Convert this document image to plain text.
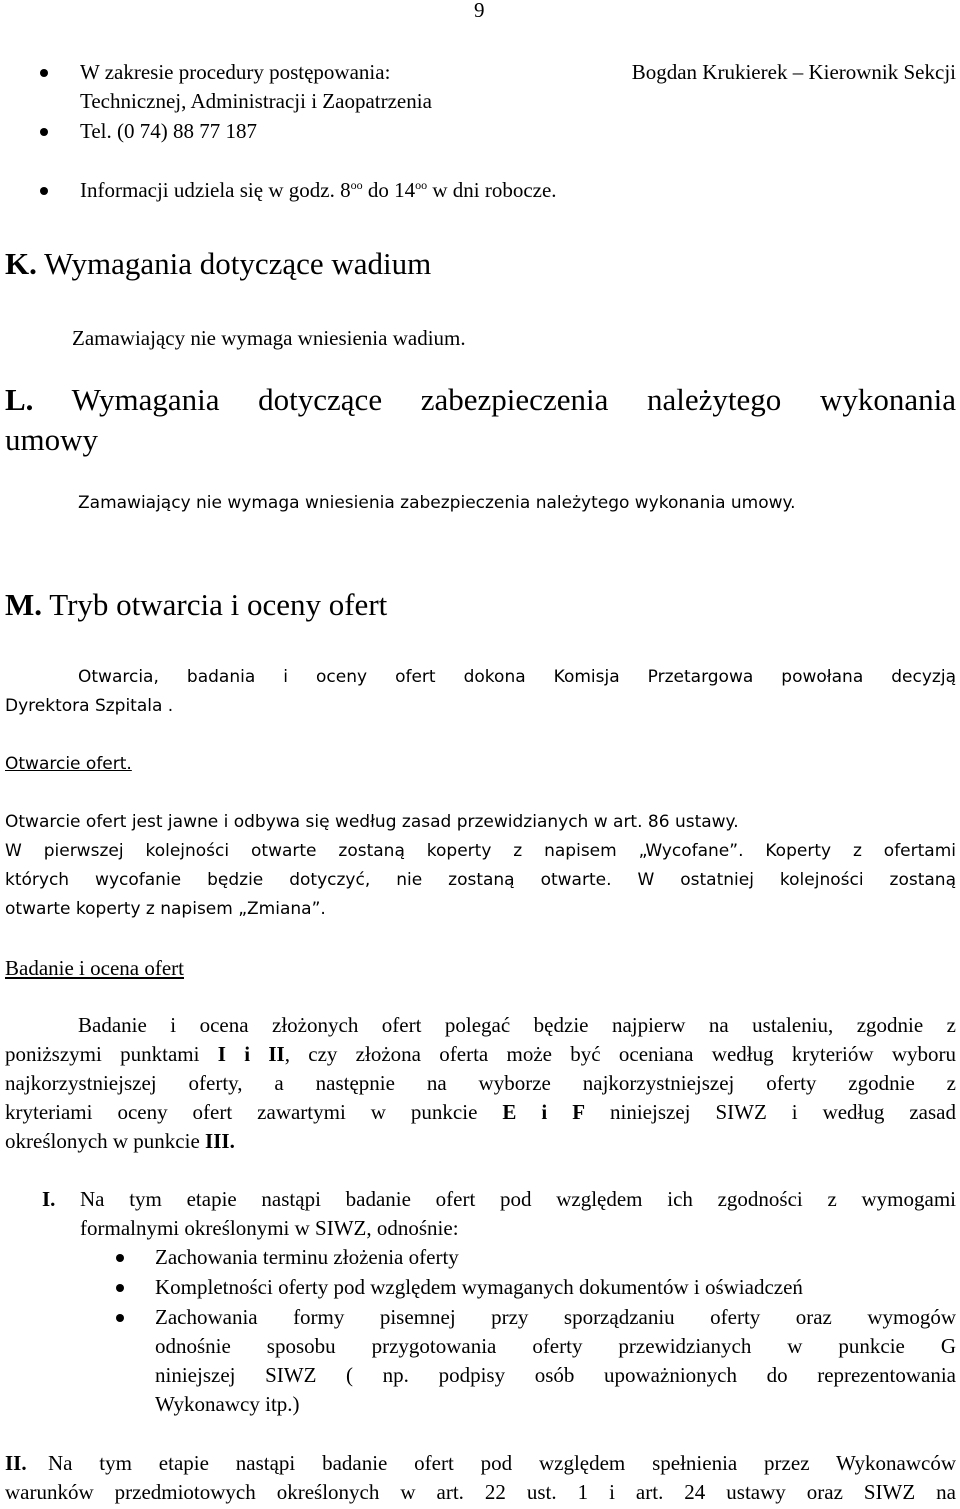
9
W zakresie procedury postępowania:	Bogdan Krukierek – Kierownik Sekcji
Technicznej, Administracji i Zaopatrzenia
Tel. (0 74) 88 77 187
Informacji udziela się w godz. $8^{oo}$ do $14^{oo}$ w dni robocze.
K. Wymagania dotyczące wadium
Zamawiający nie wymaga wniesienia wadium.
L. Wymagania dotyczące zabezpieczenia należytego wykonania
umowy
Zamawiający nie wymaga wniesienia zabezpieczenia należytego wykonania umowy.
M. Tryb otwarcia i oceny ofert
Otwarcia, badania i oceny ofert dokona Komisja Przetargowa powołana decyzją
Dyrektora Szpitala .
Otwarcie ofert.
Otwarcie ofert jest jawne i odbywa się według zasad przewidzianych w art. 86 ustawy.
W pierwszej kolejności otwarte zostaną koperty z napisem „Wycofane”. Koperty z ofertami
których wycofanie będzie dotyczyć, nie zostaną otwarte. W ostatniej kolejności zostaną
otwarte koperty z napisem „Zmiana”.
Badanie i ocena ofert
Badanie i ocena złożonych ofert polegać będzie najpierw na ustaleniu, zgodnie z
poniższymi punktami I i II, czy złożona oferta może być oceniana według kryteriów wyboru
najkorzystniejszej oferty, a następnie na wyborze najkorzystniejszej oferty zgodnie z
kryteriami oceny ofert zawartymi w punkcie E i F niniejszej SIWZ i według zasad
określonych w punkcie III.
I. Na tym etapie nastąpi badanie ofert pod względem ich zgodności z wymogami
formalnymi określonymi w SIWZ, odnośnie:
Zachowania terminu złożenia oferty
Kompletności oferty pod względem wymaganych dokumentów i oświadczeń
Zachowania formy pisemnej przy sporządzaniu oferty oraz wymogów
odnośnie sposobu przygotowania oferty przewidzianych w punkcie G
niniejszej SIWZ ( np. podpisy osób upoważnionych do reprezentowania
Wykonawcy itp.)
II. Na tym etapie nastąpi badanie ofert pod względem spełnienia przez Wykonawców
warunków przedmiotowych określonych w art. 22 ust. 1 i art. 24 ustawy oraz SIWZ na
